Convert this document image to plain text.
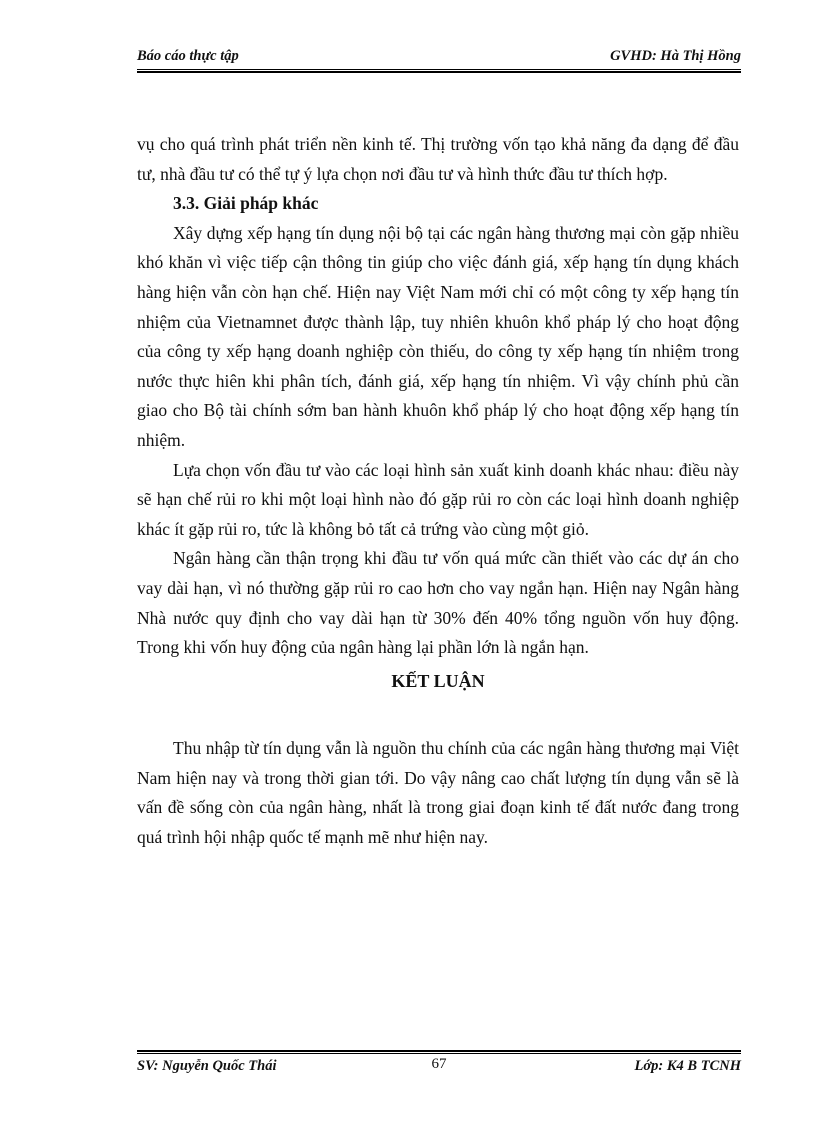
Báo cáo thực tập	GVHD: Hà Thị Hồng

vụ cho quá trình phát triển nền kinh tế. Thị trường vốn tạo khả năng đa dạng để đầu tư, nhà đầu tư có thể tự ý lựa chọn nơi đầu tư và hình thức đầu tư thích hợp.

3.3. Giải pháp khác

Xây dựng xếp hạng tín dụng nội bộ tại các ngân hàng thương mại còn gặp nhiều khó khăn vì việc tiếp cận thông tin giúp cho việc đánh giá, xếp hạng tín dụng khách hàng hiện vẫn còn hạn chế. Hiện nay Việt Nam mới chỉ có một công ty xếp hạng tín nhiệm của Vietnamnet được thành lập, tuy nhiên khuôn khổ pháp lý cho hoạt động của công ty xếp hạng doanh nghiệp còn thiếu, do công ty xếp hạng tín nhiệm trong nước thực hiên khi phân tích, đánh giá, xếp hạng tín nhiệm. Vì vậy chính phủ cần giao cho Bộ tài chính sớm ban hành khuôn khổ pháp lý cho hoạt động xếp hạng tín nhiệm.

Lựa chọn vốn đầu tư vào các loại hình sản xuất kinh doanh khác nhau: điều này sẽ hạn chế rủi ro khi một loại hình nào đó gặp rủi ro còn các loại hình doanh nghiệp khác ít gặp rủi ro, tức là không bỏ tất cả trứng vào cùng một giỏ.

Ngân hàng cần thận trọng khi đầu tư vốn quá mức cần thiết vào các dự án cho vay dài hạn, vì nó thường gặp rủi ro cao hơn cho vay ngắn hạn. Hiện nay Ngân hàng Nhà nước quy định cho vay dài hạn từ 30% đến 40% tổng nguồn vốn huy động. Trong khi vốn huy động của ngân hàng lại phần lớn là ngắn hạn.

KẾT LUẬN

Thu nhập từ tín dụng vẫn là nguồn thu chính của các ngân hàng thương mại Việt Nam hiện nay và trong thời gian tới. Do vậy nâng cao chất lượng tín dụng vẫn sẽ là vấn đề sống còn của ngân hàng, nhất là trong giai đoạn kinh tế đất nước đang trong quá trình hội nhập quốc tế mạnh mẽ như hiện nay.

SV: Nguyễn Quốc Thái	67	Lớp: K4 B TCNH
